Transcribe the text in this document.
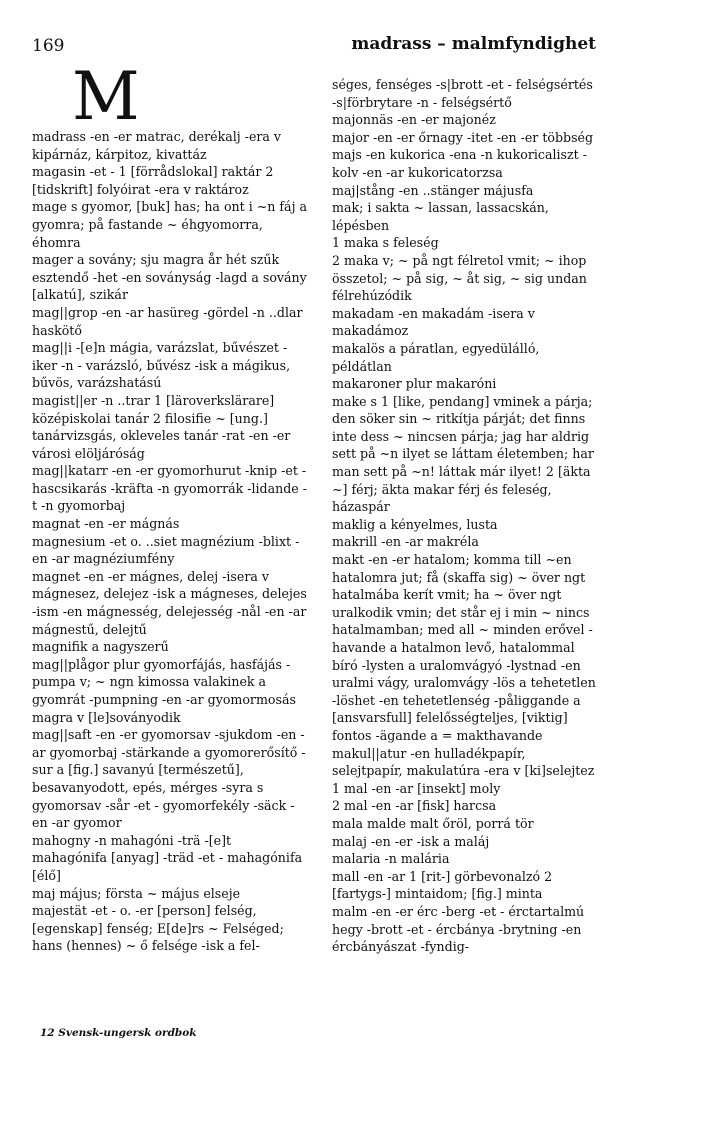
169	madrass – malmfyndighet
M

madrass -en -er matrac, derékalj -era v kipárnáz, kárpitoz, kivattáz

magasin -et - 1 [förrådslokal] raktár 2 [tidskrift] folyóirat -era v raktároz

mage s gyomor, [buk] has; ha ont i ~n fáj a gyomra; på fastande ~ éhgyomorra, éhomra

mager a sovány; sju magra år hét szűk esztendő -het -en soványság -lagd a sovány [alkatú], szikár

mag||grop -en -ar hasüreg -gördel -n ..dlar haskötő

mag||i -[e]n mágia, varázslat, bűvészet -iker -n - varázsló, bűvész -isk a mágikus, bűvös, varázshatású

magist||er -n ..trar 1 [läroverkslärare] középiskolai tanár 2 filosifie ~ [ung.] tanárvizsgás, okleveles tanár -rat -en -er városi elöljáróság

mag||katarr -en -er gyomorhurut -knip -et - hascsikarás -kräfta -n gyomorrák -lidande -t -n gyomorbaj

magnat -en -er mágnás

magnesium -et o. ..siet magnézium -blixt -en -ar magnéziumfény

magnet -en -er mágnes, delej -isera v mágnesez, delejez -isk a mágneses, delejes -ism -en mágnesség, delejesség -nål -en -ar mágnestű, delejtű

magnifik a nagyszerű

mag||plågor plur gyomorfájás, hasfájás -pumpa v; ~ ngn kimossa valakinek a gyomrát -pumpning -en -ar gyomormosás

magra v [le]soványodik

mag||saft -en -er gyomorsav -sjukdom -en -ar gyomorbaj -stärkande a gyomorerősítő -sur a [fig.] savanyú [természetű], besavanyodott, epés, mérges -syra s gyomorsav -sår -et - gyomorfekély -säck -en -ar gyomor

mahogny -n mahagóni -trä -[e]t mahagónifa [anyag] -träd -et - mahagónifa [élő]

maj május; första ~ május elseje

majestät -et - o. -er [person] felség, [egenskap] fenség; E[de]rs ~ Felséged; hans (hennes) ~ ő felsége -isk a fel-

séges, fenséges -s|brott -et - felségsértés -s|förbrytare -n - felségsértő

majonnäs -en -er majonéz

major -en -er őrnagy -itet -en -er többség

majs -en kukorica -ena -n kukoricaliszt -kolv -en -ar kukoricatorzsa

maj|stång -en ..stänger májusfa

mak; i sakta ~ lassan, lassacskán, lépésben

1 maka s feleség

2 maka v; ~ på ngt félretol vmit; ~ ihop összetol; ~ på sig, ~ åt sig, ~ sig undan félrehúzódik

makadam -en makadám -isera v makadámoz

makalös a páratlan, egyedülálló, példátlan

makaroner plur makaróni

make s 1 [like, pendang] vminek a párja; den söker sin ~ ritkítja párját; det finns inte dess ~ nincsen párja; jag har aldrig sett på ~n ilyet se láttam életemben; har man sett på ~n! láttak már ilyet! 2 [äkta ~] férj; äkta makar férj és feleség, házaspár

maklig a kényelmes, lusta

makrill -en -ar makréla

makt -en -er hatalom; komma till ~en hatalomra jut; få (skaffa sig) ~ över ngt hatalmába kerít vmit; ha ~ över ngt uralkodik vmin; det står ej i min ~ nincs hatalmamban; med all ~ minden erővel -havande a hatalmon levő, hatalommal bíró -lysten a uralomvágyó -lystnad -en uralmi vágy, uralomvágy -lös a tehetetlen -löshet -en tehetetlenség -påliggande a [ansvarsfull] felelősségteljes, [viktig] fontos -ägande a = makthavande

makul||atur -en hulladékpapír, selejtpapír, makulatúra -era v [ki]selejtez

1 mal -en -ar [insekt] moly

2 mal -en -ar [fisk] harcsa

mala malde malt őröl, porrá tör

malaj -en -er -isk a maláj

malaria -n malária

mall -en -ar 1 [rit-] görbevonalzó 2 [fartygs-] mintaidom; [fig.] minta

malm -en -er érc -berg -et - érctartalmú hegy -brott -et - ércbánya -brytning -en ércbányászat -fyndig-

12 Svensk-ungersk ordbok
